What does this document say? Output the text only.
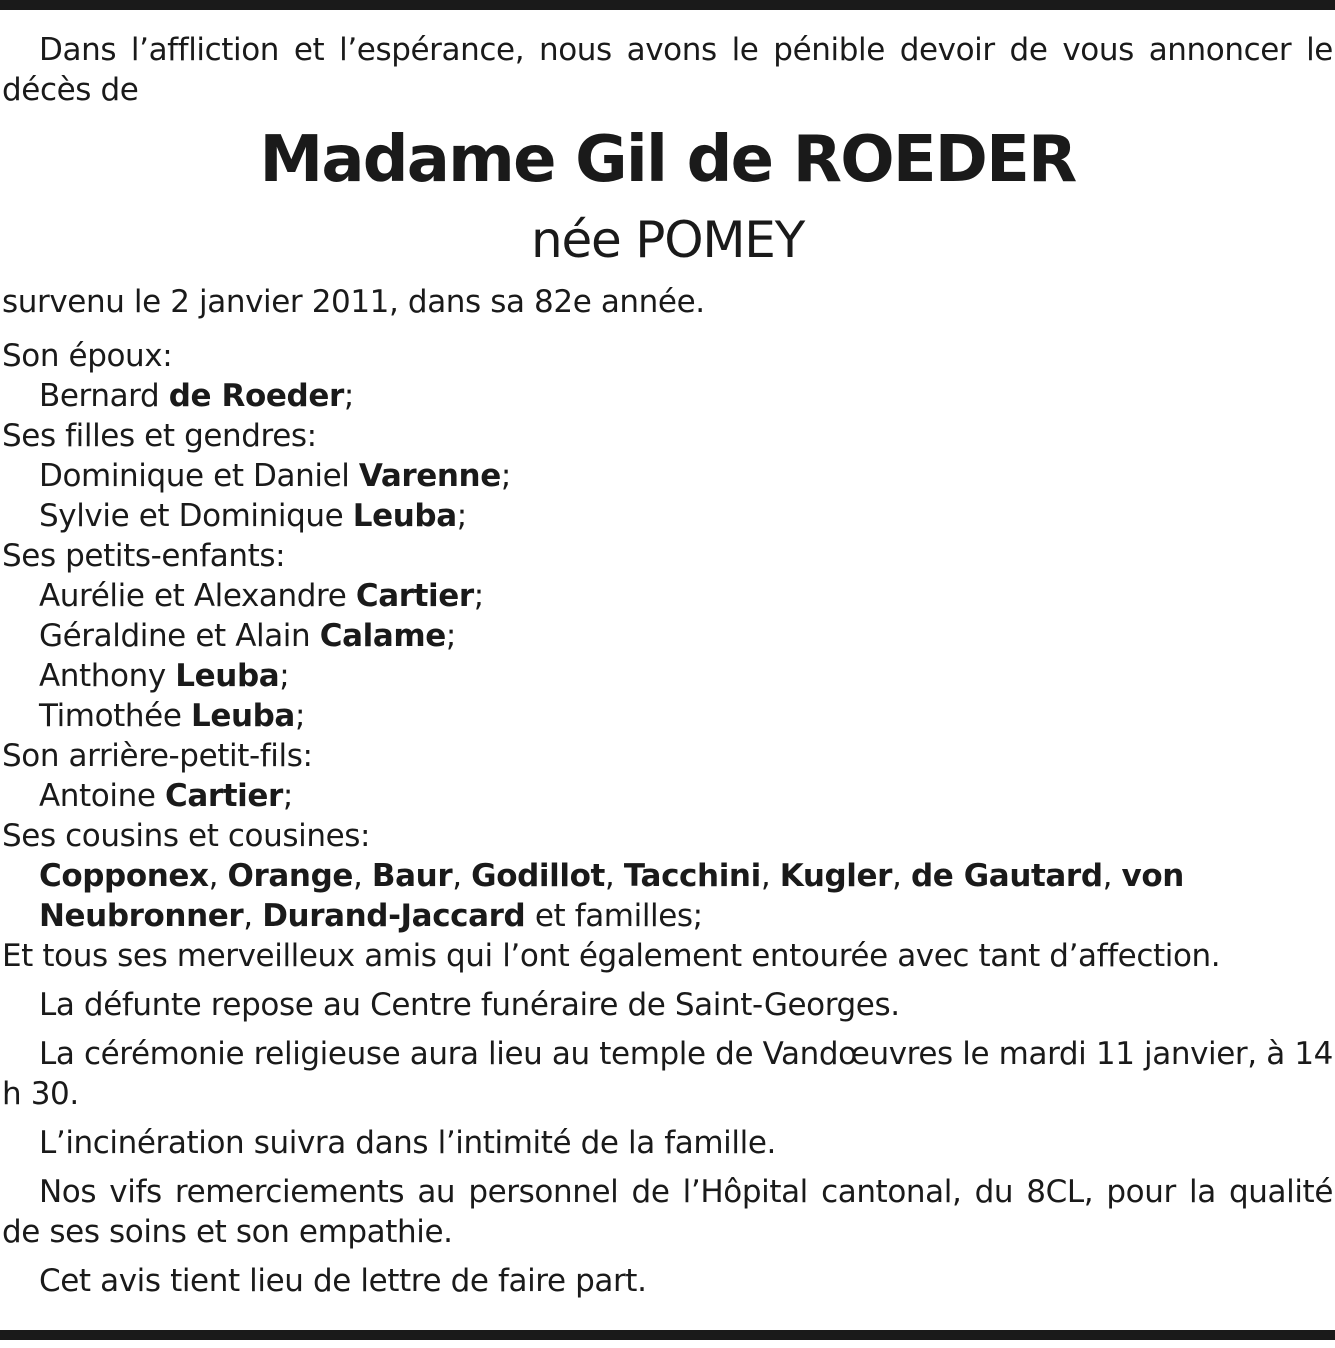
Dans l’affliction et l’espérance, nous avons le pénible devoir de vous annoncer le décès de

Madame Gil de ROEDER
née POMEY

survenu le 2 janvier 2011, dans sa 82e année.

Son époux:

Bernard de Roeder;

Ses filles et gendres:

Dominique et Daniel Varenne;

Sylvie et Dominique Leuba;

Ses petits-enfants:

Aurélie et Alexandre Cartier;

Géraldine et Alain Calame;

Anthony Leuba;

Timothée Leuba;

Son arrière-petit-fils:

Antoine Cartier;

Ses cousins et cousines:

Copponex, Orange, Baur, Godillot, Tacchini, Kugler, de Gautard, von Neubronner, Durand-Jaccard et familles;

Et tous ses merveilleux amis qui l’ont également entourée avec tant d’affection.

La défunte repose au Centre funéraire de Saint-Georges.

La cérémonie religieuse aura lieu au temple de Vandœuvres le mardi 11 janvier, à 14 h 30.

L’incinération suivra dans l’intimité de la famille.

Nos vifs remerciements au personnel de l’Hôpital cantonal, du 8CL, pour la qualité de ses soins et son empathie.

Cet avis tient lieu de lettre de faire part.
